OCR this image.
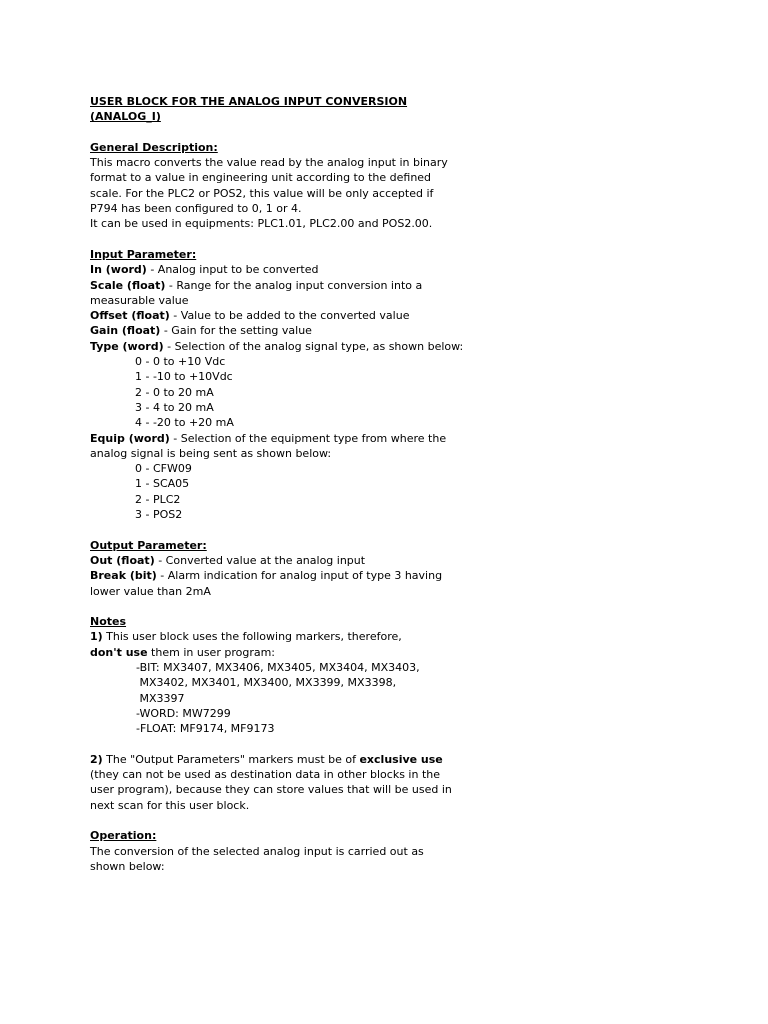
USER BLOCK FOR THE ANALOG INPUT CONVERSION
(ANALOG_I)
General Description:
This macro converts the value read by the analog input in binary
format to a value in engineering unit according to the defined
scale. For the PLC2 or POS2, this value will be only accepted if
P794 has been configured to 0, 1 or 4.
It can be used in equipments: PLC1.01, PLC2.00 and POS2.00.
Input Parameter:
In (word) - Analog input to be converted
Scale (float) - Range for the analog input conversion into a
measurable value
Offset (float) - Value to be added to the converted value
Gain (float) - Gain for the setting value
Type (word) - Selection of the analog signal type, as shown below:
0 - 0 to +10 Vdc
1 - -10 to +10Vdc
2 - 0 to 20 mA
3 - 4 to 20 mA
4 - -20 to +20 mA
Equip (word) - Selection of the equipment type from where the
analog signal is being sent as shown below:
0 - CFW09
1 - SCA05
2 - PLC2
3 - POS2
Output Parameter:
Out (float) - Converted value at the analog input
Break (bit) - Alarm indication for analog input of type 3 having
lower value than 2mA
Notes
1) This user block uses the following markers, therefore,
don't use them in user program:
-BIT: MX3407, MX3406, MX3405, MX3404, MX3403,
MX3402, MX3401, MX3400, MX3399, MX3398,
MX3397
-WORD: MW7299
-FLOAT: MF9174, MF9173
2) The "Output Parameters" markers must be of exclusive use
(they can not be used as destination data in other blocks in the
user program), because they can store values that will be used in
next scan for this user block.
Operation:
The conversion of the selected analog input is carried out as
shown below:
